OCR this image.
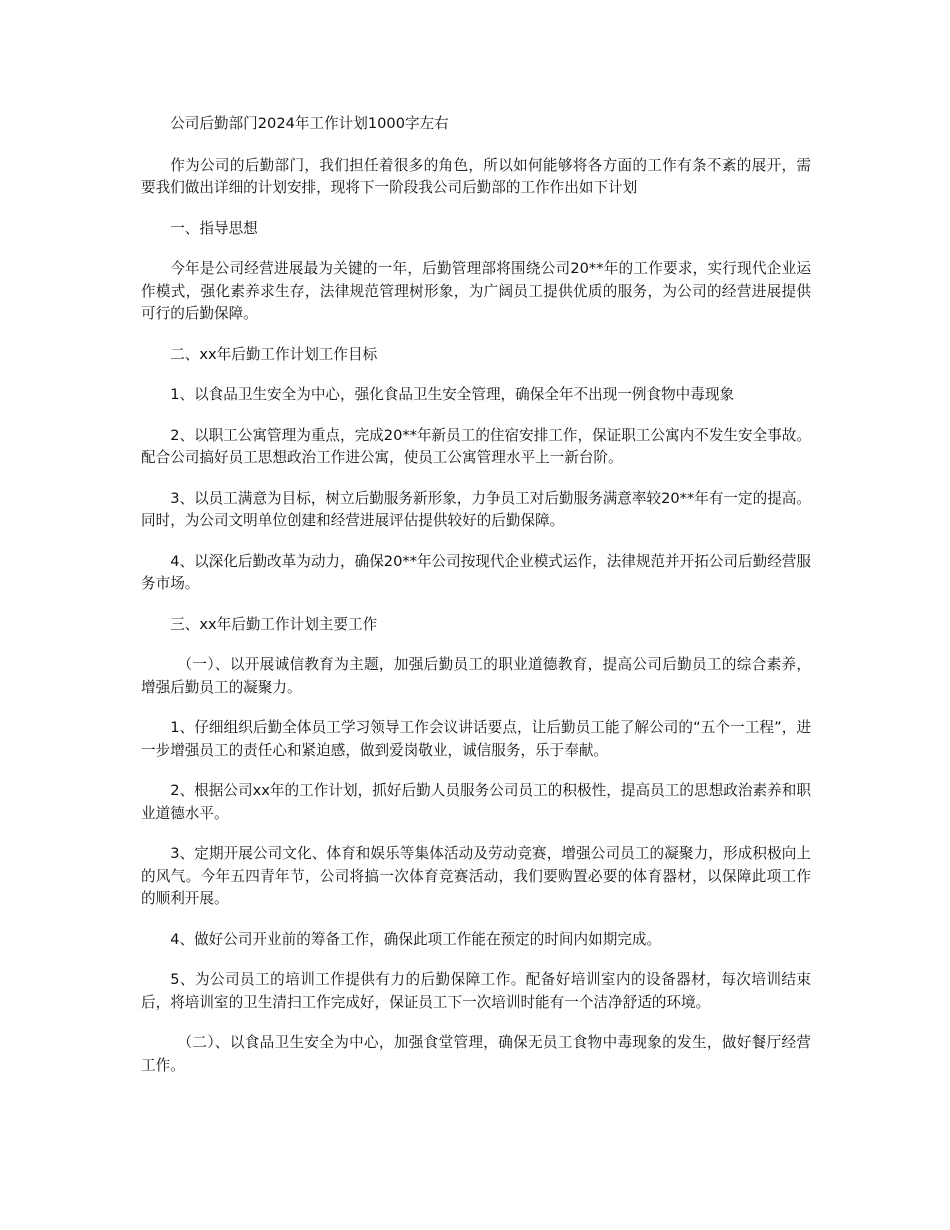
公司后勤部门2024年工作计划1000字左右

作为公司的后勤部门，我们担任着很多的角色，所以如何能够将各方面的工作有条不紊的展开，需要我们做出详细的计划安排，现将下一阶段我公司后勤部的工作作出如下计划

一、指导思想

今年是公司经营进展最为关键的一年，后勤管理部将围绕公司20**年的工作要求，实行现代企业运作模式，强化素养求生存，法律规范管理树形象，为广阔员工提供优质的服务，为公司的经营进展提供可行的后勤保障。

二、xx年后勤工作计划工作目标

1、以食品卫生安全为中心，强化食品卫生安全管理，确保全年不出现一例食物中毒现象

2、以职工公寓管理为重点，完成20**年新员工的住宿安排工作，保证职工公寓内不发生安全事故。配合公司搞好员工思想政治工作进公寓，使员工公寓管理水平上一新台阶。

3、以员工满意为目标，树立后勤服务新形象，力争员工对后勤服务满意率较20**年有一定的提高。同时，为公司文明单位创建和经营进展评估提供较好的后勤保障。

4、以深化后勤改革为动力，确保20**年公司按现代企业模式运作，法律规范并开拓公司后勤经营服务市场。

三、xx年后勤工作计划主要工作

（一）、以开展诚信教育为主题，加强后勤员工的职业道德教育，提高公司后勤员工的综合素养，增强后勤员工的凝聚力。

1、仔细组织后勤全体员工学习领导工作会议讲话要点，让后勤员工能了解公司的“五个一工程”，进一步增强员工的责任心和紧迫感，做到爱岗敬业，诚信服务，乐于奉献。

2、根据公司xx年的工作计划，抓好后勤人员服务公司员工的积极性，提高员工的思想政治素养和职业道德水平。

3、定期开展公司文化、体育和娱乐等集体活动及劳动竞赛，增强公司员工的凝聚力，形成积极向上的风气。今年五四青年节，公司将搞一次体育竞赛活动，我们要购置必要的体育器材，以保障此项工作的顺利开展。

4、做好公司开业前的筹备工作，确保此项工作能在预定的时间内如期完成。

5、为公司员工的培训工作提供有力的后勤保障工作。配备好培训室内的设备器材，每次培训结束后，将培训室的卫生清扫工作完成好，保证员工下一次培训时能有一个洁净舒适的环境。

（二）、以食品卫生安全为中心，加强食堂管理，确保无员工食物中毒现象的发生，做好餐厅经营工作。
